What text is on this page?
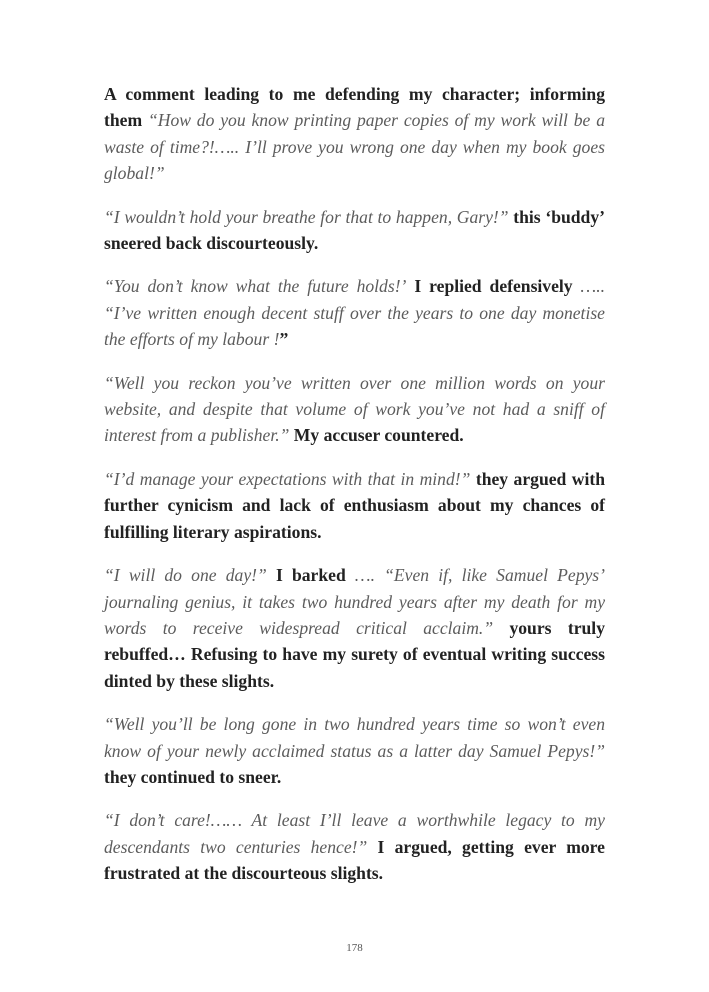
A comment leading to me defending my character; informing them “How do you know printing paper copies of my work will be a waste of time?!….. I’ll prove you wrong one day when my book goes global!”

“I wouldn’t hold your breathe for that to happen, Gary!” this ‘buddy’ sneered back discourteously.

“You don’t know what the future holds!’ I replied defensively ….. “I’ve written enough decent stuff over the years to one day monetise the efforts of my labour !”

“Well you reckon you’ve written over one million words on your website, and despite that volume of work you’ve not had a sniff of interest from a publisher.” My accuser countered.

“I’d manage your expectations with that in mind!” they argued with further cynicism and lack of enthusiasm about my chances of fulfilling literary aspirations.

“I will do one day!” I barked …. “Even if, like Samuel Pepys’ journaling genius, it takes two hundred years after my death for my words to receive widespread critical acclaim.” yours truly rebuffed… Refusing to have my surety of eventual writing success dinted by these slights.

“Well you’ll be long gone in two hundred years time so won’t even know of your newly acclaimed status as a latter day Samuel Pepys!” they continued to sneer.

“I don’t care!…… At least I’ll leave a worthwhile legacy to my descendants two centuries hence!” I argued, getting ever more frustrated at the discourteous slights.

178
